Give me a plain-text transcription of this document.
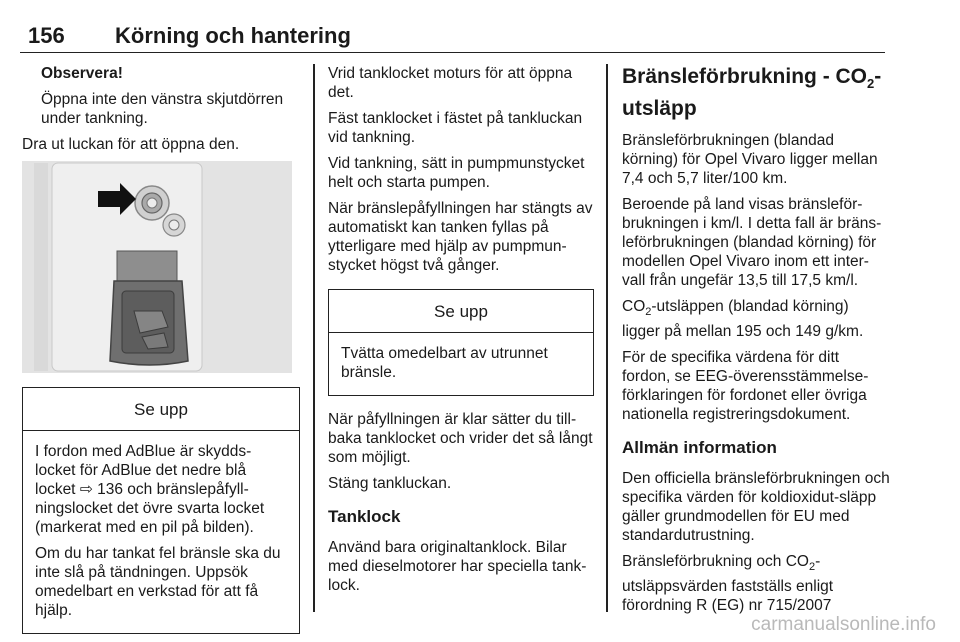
156 Körning och hantering

Observera!

Öppna inte den vänstra skjutdörren under tankning.

Dra ut luckan för att öppna den.

Se upp

I fordon med AdBlue är skydds-locket för AdBlue det nedre blå locket ⇨ 136 och bränslepåfyll-ningslocket det övre svarta locket (markerat med en pil på bilden).

Om du har tankat fel bränsle ska du inte slå på tändningen. Uppsök omedelbart en verkstad för att få hjälp.

Vrid tanklocket moturs för att öppna det.

Fäst tanklocket i fästet på tankluckan vid tankning.

Vid tankning, sätt in pumpmunstycket helt och starta pumpen.

När bränslepåfyllningen har stängts av automatiskt kan tanken fyllas på ytterligare med hjälp av pumpmun-stycket högst två gånger.

Se upp

Tvätta omedelbart av utrunnet bränsle.

När påfyllningen är klar sätter du till-baka tanklocket och vrider det så långt som möjligt.

Stäng tankluckan.

Tanklock

Använd bara originaltanklock. Bilar med dieselmotorer har speciella tank-lock.

Bränsleförbrukning - $CO_2$-utsläpp

Bränsleförbrukningen (blandad körning) för Opel Vivaro ligger mellan 7,4 och 5,7 liter/100 km.

Beroende på land visas bränsleför-brukningen i km/l. I detta fall är bräns-leförbrukningen (blandad körning) för modellen Opel Vivaro inom ett inter-vall från ungefär 13,5 till 17,5 km/l.

$CO_2$-utsläppen (blandad körning) ligger på mellan 195 och 149 g/km.

För de specifika värdena för ditt fordon, se EEG-överensstämmelse-förklaringen för fordonet eller övriga nationella registreringsdokument.

Allmän information

Den officiella bränsleförbrukningen och specifika värden för koldioxidut-släpp gäller grundmodellen för EU med standardutrustning.

Bränsleförbrukning och $CO_2$-utsläppsvärden fastställs enligt förordning R (EG) nr 715/2007

carmanualsonline.info
